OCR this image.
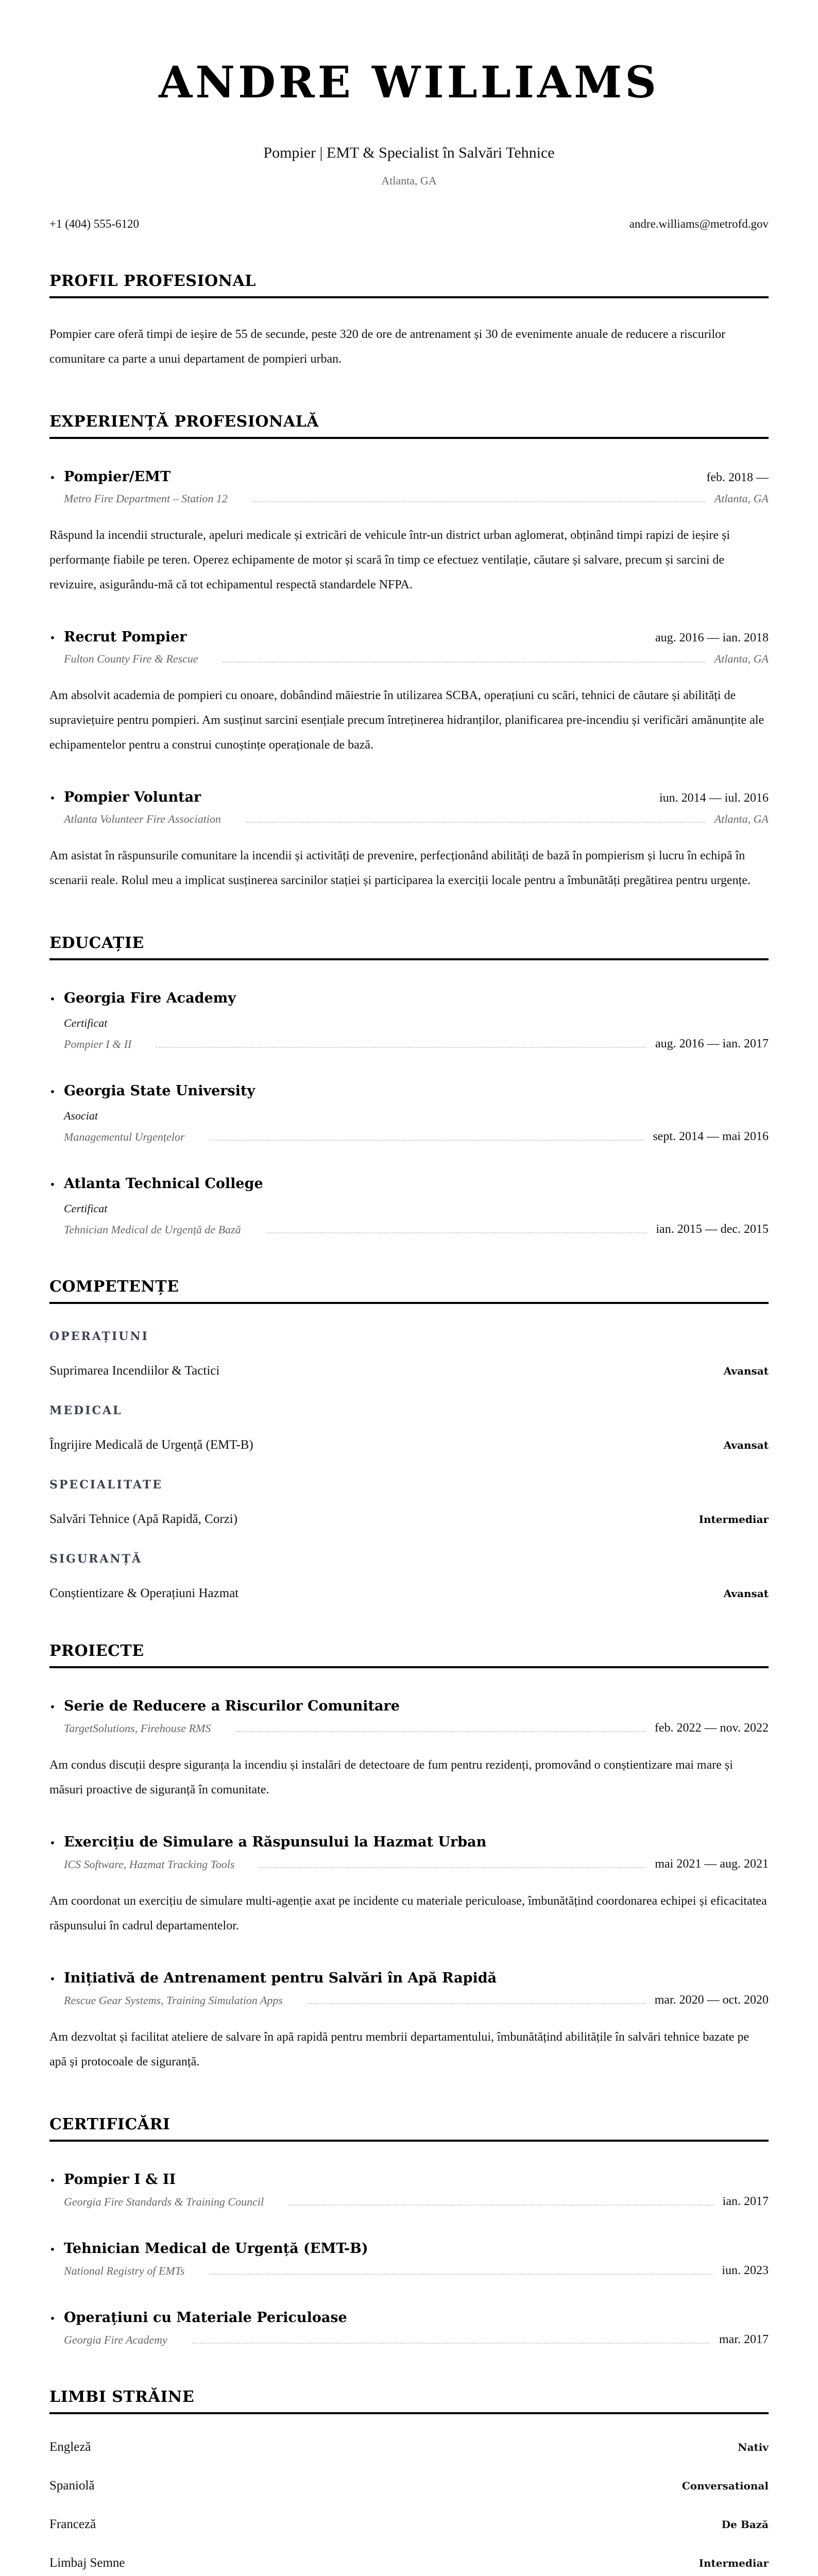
ANDRE WILLIAMS
Pompier | EMT & Specialist în Salvări Tehnice
Atlanta, GA
+1 (404) 555-6120	andre.williams@metrofd.gov
PROFIL PROFESIONAL

Pompier care oferă timpi de ieșire de 55 de secunde, peste 320 de ore de antrenament și 30 de evenimente anuale de reducere a riscurilor comunitare ca parte a unui departament de pompieri urban.

EXPERIENȚĂ PROFESIONALĂ
• Pompier/EMT	feb. 2018 —
Metro Fire Department – Station 12	Atlanta, GA

Răspund la incendii structurale, apeluri medicale și extricări de vehicule într-un district urban aglomerat, obținând timpi rapizi de ieșire și performanțe fiabile pe teren. Operez echipamente de motor și scară în timp ce efectuez ventilație, căutare și salvare, precum și sarcini de revizuire, asigurându-mă că tot echipamentul respectă standardele NFPA.

• Recrut Pompier	aug. 2016 — ian. 2018
Fulton County Fire & Rescue	Atlanta, GA

Am absolvit academia de pompieri cu onoare, dobândind măiestrie în utilizarea SCBA, operațiuni cu scări, tehnici de căutare și abilități de supraviețuire pentru pompieri. Am susținut sarcini esențiale precum întreținerea hidranților, planificarea pre-incendiu și verificări amănunțite ale echipamentelor pentru a construi cunoștințe operaționale de bază.

• Pompier Voluntar	iun. 2014 — iul. 2016
Atlanta Volunteer Fire Association	Atlanta, GA

Am asistat în răspunsurile comunitare la incendii și activități de prevenire, perfecționând abilități de bază în pompierism și lucru în echipă în scenarii reale. Rolul meu a implicat susținerea sarcinilor stației și participarea la exerciții locale pentru a îmbunătăți pregătirea pentru urgențe.

EDUCAȚIE
• Georgia Fire Academy
Certificat
Pompier I & II	aug. 2016 — ian. 2017
• Georgia State University
Asociat
Managementul Urgențelor	sept. 2014 — mai 2016
• Atlanta Technical College
Certificat
Tehnician Medical de Urgență de Bază	ian. 2015 — dec. 2015
COMPETENȚE
OPERAȚIUNI
Suprimarea Incendiilor & Tactici	Avansat
MEDICAL
Îngrijire Medicală de Urgență (EMT-B)	Avansat
SPECIALITATE
Salvări Tehnice (Apă Rapidă, Corzi)	Intermediar
SIGURANȚĂ
Conștientizare & Operațiuni Hazmat	Avansat
PROIECTE
• Serie de Reducere a Riscurilor Comunitare
TargetSolutions, Firehouse RMS	feb. 2022 — nov. 2022

Am condus discuții despre siguranța la incendiu și instalări de detectoare de fum pentru rezidenți, promovând o conștientizare mai mare și măsuri proactive de siguranță în comunitate.

• Exercițiu de Simulare a Răspunsului la Hazmat Urban
ICS Software, Hazmat Tracking Tools	mai 2021 — aug. 2021

Am coordonat un exercițiu de simulare multi-agenție axat pe incidente cu materiale periculoase, îmbunătățind coordonarea echipei și eficacitatea răspunsului în cadrul departamentelor.

• Inițiativă de Antrenament pentru Salvări în Apă Rapidă
Rescue Gear Systems, Training Simulation Apps	mar. 2020 — oct. 2020

Am dezvoltat și facilitat ateliere de salvare în apă rapidă pentru membrii departamentului, îmbunătățind abilitățile în salvări tehnice bazate pe apă și protocoale de siguranță.

CERTIFICĂRI
• Pompier I & II
Georgia Fire Standards & Training Council	ian. 2017
• Tehnician Medical de Urgență (EMT-B)
National Registry of EMTs	iun. 2023
• Operațiuni cu Materiale Periculoase
Georgia Fire Academy	mar. 2017
LIMBI STRĂINE
Engleză	Nativ
Spaniolă	Conversational
Franceză	De Bază
Limbaj Semne	Intermediar
